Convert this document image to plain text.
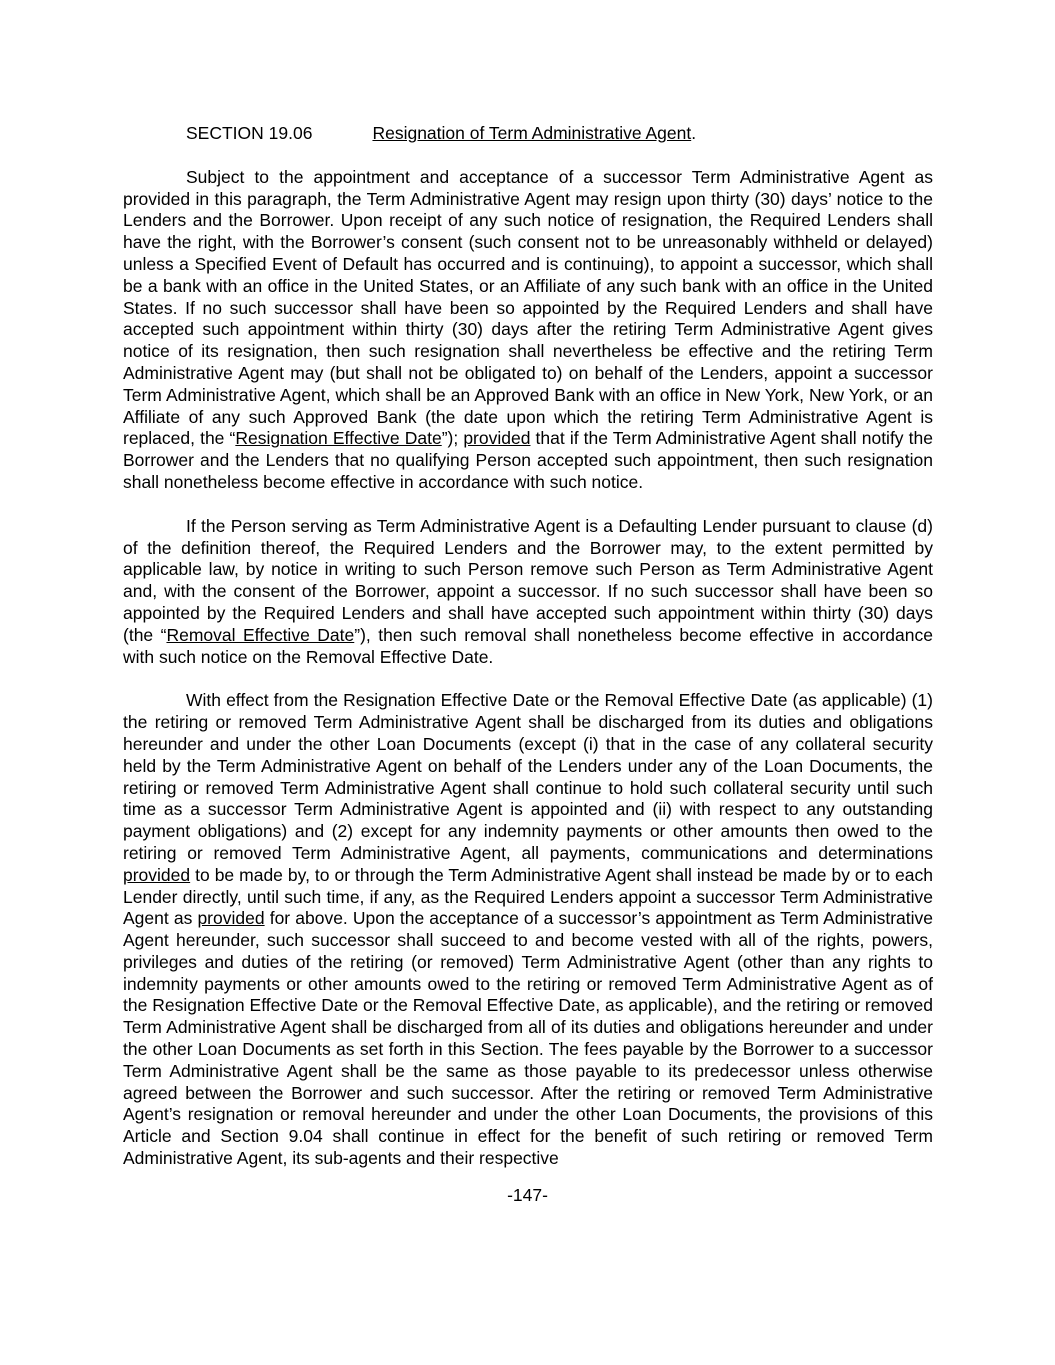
SECTION 19.06	Resignation of Term Administrative Agent.

Subject to the appointment and acceptance of a successor Term Administrative Agent as provided in this paragraph, the Term Administrative Agent may resign upon thirty (30) days’ notice to the Lenders and the Borrower. Upon receipt of any such notice of resignation, the Required Lenders shall have the right, with the Borrower’s consent (such consent not to be unreasonably withheld or delayed) unless a Specified Event of Default has occurred and is continuing), to appoint a successor, which shall be a bank with an office in the United States, or an Affiliate of any such bank with an office in the United States. If no such successor shall have been so appointed by the Required Lenders and shall have accepted such appointment within thirty (30) days after the retiring Term Administrative Agent gives notice of its resignation, then such resignation shall nevertheless be effective and the retiring Term Administrative Agent may (but shall not be obligated to) on behalf of the Lenders, appoint a successor Term Administrative Agent, which shall be an Approved Bank with an office in New York, New York, or an Affiliate of any such Approved Bank (the date upon which the retiring Term Administrative Agent is replaced, the “Resignation Effective Date”); provided that if the Term Administrative Agent shall notify the Borrower and the Lenders that no qualifying Person accepted such appointment, then such resignation shall nonetheless become effective in accordance with such notice.

If the Person serving as Term Administrative Agent is a Defaulting Lender pursuant to clause (d) of the definition thereof, the Required Lenders and the Borrower may, to the extent permitted by applicable law, by notice in writing to such Person remove such Person as Term Administrative Agent and, with the consent of the Borrower, appoint a successor. If no such successor shall have been so appointed by the Required Lenders and shall have accepted such appointment within thirty (30) days (the “Removal Effective Date”), then such removal shall nonetheless become effective in accordance with such notice on the Removal Effective Date.

With effect from the Resignation Effective Date or the Removal Effective Date (as applicable) (1) the retiring or removed Term Administrative Agent shall be discharged from its duties and obligations hereunder and under the other Loan Documents (except (i) that in the case of any collateral security held by the Term Administrative Agent on behalf of the Lenders under any of the Loan Documents, the retiring or removed Term Administrative Agent shall continue to hold such collateral security until such time as a successor Term Administrative Agent is appointed and (ii) with respect to any outstanding payment obligations) and (2) except for any indemnity payments or other amounts then owed to the retiring or removed Term Administrative Agent, all payments, communications and determinations provided to be made by, to or through the Term Administrative Agent shall instead be made by or to each Lender directly, until such time, if any, as the Required Lenders appoint a successor Term Administrative Agent as provided for above. Upon the acceptance of a successor’s appointment as Term Administrative Agent hereunder, such successor shall succeed to and become vested with all of the rights, powers, privileges and duties of the retiring (or removed) Term Administrative Agent (other than any rights to indemnity payments or other amounts owed to the retiring or removed Term Administrative Agent as of the Resignation Effective Date or the Removal Effective Date, as applicable), and the retiring or removed Term Administrative Agent shall be discharged from all of its duties and obligations hereunder and under the other Loan Documents as set forth in this Section. The fees payable by the Borrower to a successor Term Administrative Agent shall be the same as those payable to its predecessor unless otherwise agreed between the Borrower and such successor. After the retiring or removed Term Administrative Agent’s resignation or removal hereunder and under the other Loan Documents, the provisions of this Article and Section 9.04 shall continue in effect for the benefit of such retiring or removed Term Administrative Agent, its sub-agents and their respective

-147-
